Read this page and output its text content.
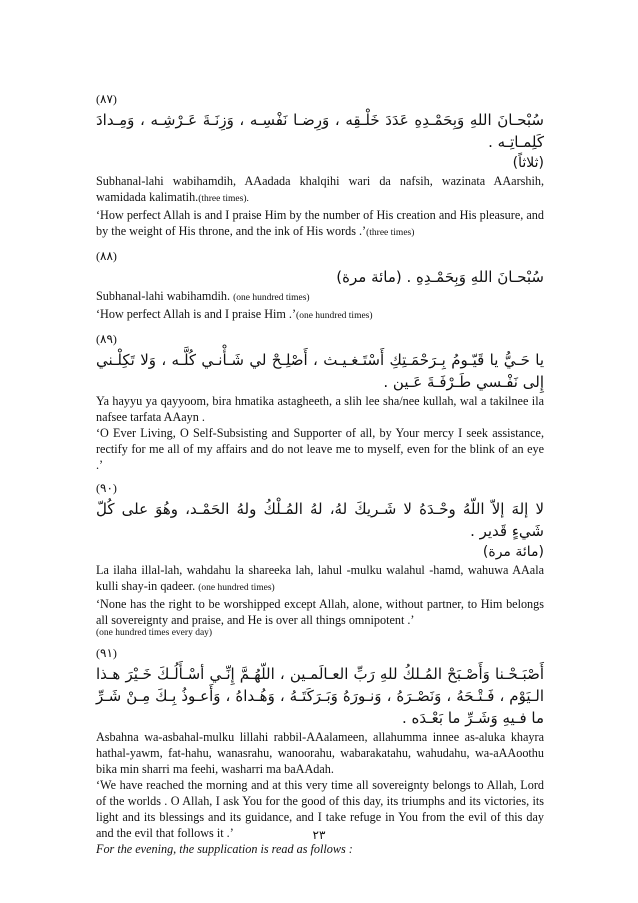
(٨٧)
سُبْحـانَ اللهِ وَبِحَمْـدِهِ عَدَدَ خَلْـقِه ، وَرِضـا نَفْسِـه ، وَزِنَـةَ عَـرْشِـه ، وَمِـدادَ كَلِمـاتِـه .
(ثلاثاً)
Subhanal-lahi wabihamdih, AAadada khalqihi wari da nafsih, wazinata AAarshih, wamidada kalimatih.(three times).
‘How perfect Allah is and I praise Him by the number of His creation and His pleasure, and by the weight of His throne, and the ink of His words .’(three times)
(٨٨)
سُبْحـانَ اللهِ وَبِحَمْـدِهِ . (مائة مرة)
Subhanal-lahi wabihamdih. (one hundred times)
‘How perfect Allah is and I praise Him .’(one hundred times)
(٨٩)
يا حَـيُّ يا قَيّـومُ بِـرَحْمَـتِكِ أَسْتَـغـيـث ، أَصْلِـحْ لي شَـأْنـي كُلَّـه ، وَلا تَكِلْـني إِلى نَفْـسي طَـرْفَـةَ عَـين .
Ya hayyu ya qayyoom, bira hmatika astagheeth, a slih lee sha/nee kullah, wal a takilnee ila nafsee tarfata AAayn .
‘O Ever Living, O Self-Subsisting and Supporter of all, by Your mercy I seek assistance, rectify for me all of my affairs and do not leave me to myself, even for the blink of an eye .’
(٩٠)
لا إلهَ إلاّ اللّهُ وحْـدَهُ لا شَـريكَ لهُ، لهُ المُـلْكُ ولهُ الحَمْـد، وهُوَ على كُلّ شَيءٍ قَدير .
(مائة مرة)
La ilaha illal-lah, wahdahu la shareeka lah, lahul -mulku walahul -hamd, wahuwa AAala kulli shay-in qadeer. (one hundred times)
‘None has the right to be worshipped except Allah, alone, without partner, to Him belongs all sovereignty and praise, and He is over all things omnipotent .’
(one hundred times every day)
(٩١)
أَصْبَـحْـنا وَأَصْـبَحْ المُـلكُ للهِ رَبِّ العـالَمـين ، اللّهُـمَّ إِنِّـي أسْـأَلُـكَ خَـيْرَ هـذا الـيَوْم ، فَـتْـحَهُ ، وَنَصْـرَهُ ، وَنـورَهُ وَبَـرَكَتَـهُ ، وَهُـداهُ ، وَأَعـوذُ بِـكَ مِـنْ شَـرِّ ما فـيهِ وَشَـرِّ ما بَعْـدَه .
Asbahna wa-asbahal-mulku lillahi rabbil-AAalameen, allahumma innee as-aluka khayra hathal-yawm, fat-hahu, wanasrahu, wanoorahu, wabarakatahu, wahudahu, wa-aAAoothu bika min sharri ma feehi, washarri ma baAAdah.
‘We have reached the morning and at this very time all sovereignty belongs to Allah, Lord of the worlds . O Allah, I ask You for the good of this day, its triumphs and its victories, its light and its blessings and its guidance, and I take refuge in You from the evil of this day and the evil that follows it .’
For the evening, the supplication is read as follows :
٢٣
